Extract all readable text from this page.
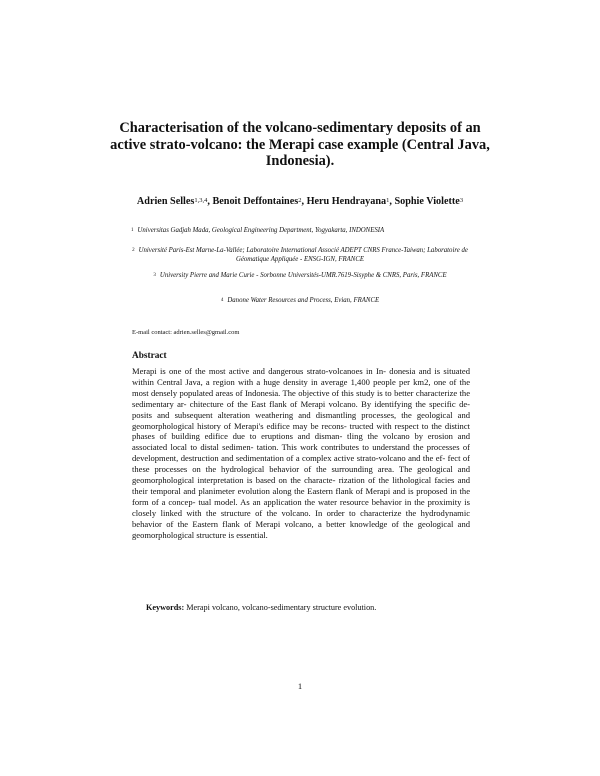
Characterisation of the volcano-sedimentary deposits of an active strato-volcano: the Merapi case example (Central Java, Indonesia).
Adrien Selles$^{1,3,4}$, Benoit Deffontaines$^2$, Heru Hendrayana$^1$, Sophie Violette$^3$
$^1$ Universitas Gadjah Mada, Geological Engineering Department, Yogyakarta, INDONESIA
$^2$ Université Paris-Est Marne-La-Vallée; Laboratoire International Associé ADEPT CNRS France-Taiwan; Laboratoire de Géomatique Appliquée - ENSG-IGN, FRANCE
$^3$ University Pierre and Marie Curie - Sorbonne Universités-UMR.7619-Sisyphe & CNRS, Paris, FRANCE
$^4$ Danone Water Resources and Process, Evian, FRANCE
E-mail contact: adrien.selles@gmail.com
Abstract
Merapi is one of the most active and dangerous strato-volcanoes in In- donesia and is situated within Central Java, a region with a huge density in average 1,400 people per km2, one of the most densely populated areas of Indonesia. The objective of this study is to better characterize the sedimentary ar- chitecture of the East flank of Merapi volcano. By identifying the specific de- posits and subsequent alteration weathering and dismantling processes, the geological and geomorphological history of Merapi's edifice may be recons- tructed with respect to the distinct phases of building edifice due to eruptions and disman- tling the volcano by erosion and associated local to distal sedimen- tation. This work contributes to understand the processes of development, destruction and sedimentation of a complex active strato-volcano and the ef- fect of these processes on the hydrological behavior of the surrounding area. The geological and geomorphological interpretation is based on the characte- rization of the lithological facies and their temporal and planimeter evolution along the Eastern flank of Merapi and is proposed in the form of a concep- tual model. As an application the water resource behavior in the proximity is closely linked with the structure of the volcano. In order to characterize the hydrodynamic behavior of the Eastern flank of Merapi volcano, a better knowledge of the geological and geomorphological structure is essential.
Keywords: Merapi volcano, volcano-sedimentary structure evolution.
1
